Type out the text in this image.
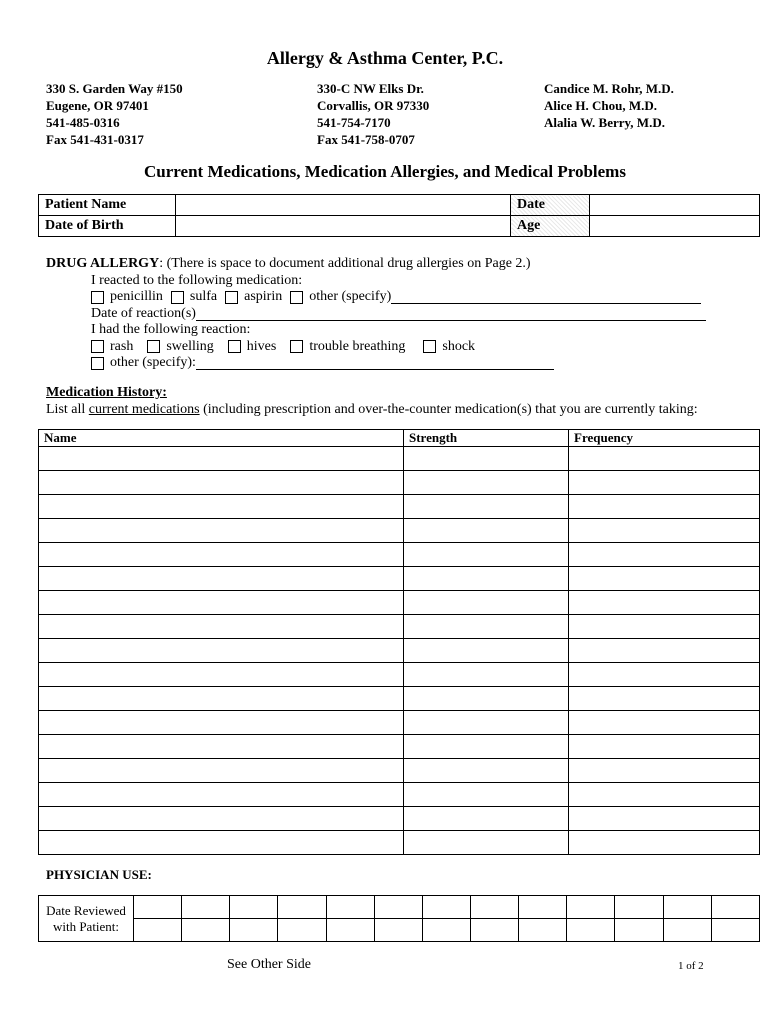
Allergy & Asthma Center, P.C.
330 S. Garden Way #150
Eugene, OR 97401
541-485-0316
Fax 541-431-0317
330-C NW Elks Dr.
Corvallis, OR 97330
541-754-7170
Fax 541-758-0707
Candice M. Rohr, M.D.
Alice H. Chou, M.D.
Alalia W. Berry, M.D.
Current Medications, Medication Allergies, and Medical Problems
Patient Name		Date	
Date of Birth		Age	
DRUG ALLERGY : (There is space to document additional drug allergies on Page 2.)
I reacted to the following medication:
penicillin sulfa aspirin other (specify)
Date of reaction(s)
I had the following reaction:
rash swelling hives trouble breathing	shock
other (specify):
Medication History:
List all current medications (including prescription and over-the-counter medication(s) that you are currently taking:
Name	Strength	Frequency

PHYSICIAN USE:
Date Reviewed
with Patient:													

See Other Side	1 of 2
